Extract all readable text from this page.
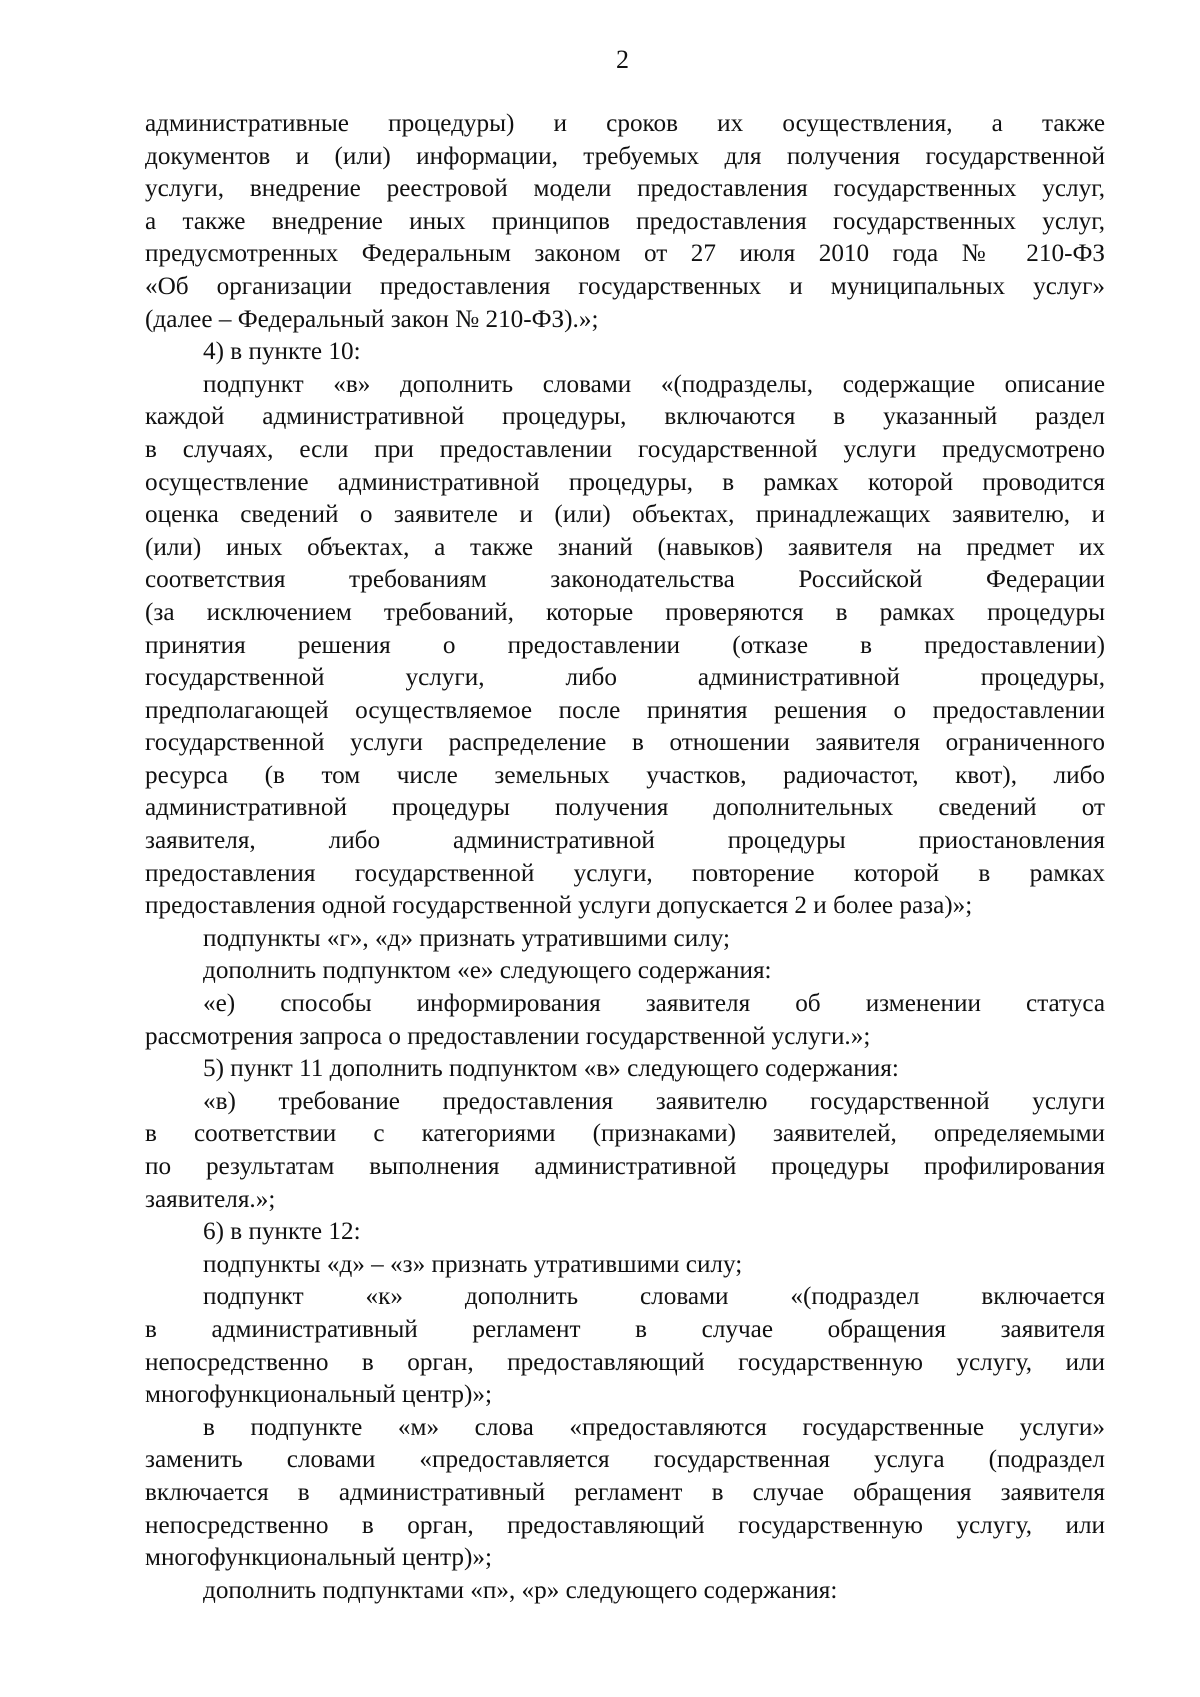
2
административные процедуры) и сроков их осуществления, а также
документов и (или) информации, требуемых для получения государственной
услуги, внедрение реестровой модели предоставления государственных услуг,
а также внедрение иных принципов предоставления государственных услуг,
предусмотренных Федеральным законом от 27 июля 2010 года № 210-ФЗ
«Об организации предоставления государственных и муниципальных услуг»
(далее – Федеральный закон № 210-ФЗ).»;
4) в пункте 10:
подпункт «в» дополнить словами «(подразделы, содержащие описание
каждой административной процедуры, включаются в указанный раздел
в случаях, если при предоставлении государственной услуги предусмотрено
осуществление административной процедуры, в рамках которой проводится
оценка сведений о заявителе и (или) объектах, принадлежащих заявителю, и
(или) иных объектах, а также знаний (навыков) заявителя на предмет их
соответствия требованиям законодательства Российской Федерации
(за исключением требований, которые проверяются в рамках процедуры
принятия решения о предоставлении (отказе в предоставлении)
государственной услуги, либо административной процедуры,
предполагающей осуществляемое после принятия решения о предоставлении
государственной услуги распределение в отношении заявителя ограниченного
ресурса (в том числе земельных участков, радиочастот, квот), либо
административной процедуры получения дополнительных сведений от
заявителя, либо административной процедуры приостановления
предоставления государственной услуги, повторение которой в рамках
предоставления одной государственной услуги допускается 2 и более раза)»;
подпункты «г», «д» признать утратившими силу;
дополнить подпунктом «е» следующего содержания:
«е) способы информирования заявителя об изменении статуса
рассмотрения запроса о предоставлении государственной услуги.»;
5) пункт 11 дополнить подпунктом «в» следующего содержания:
«в) требование предоставления заявителю государственной услуги
в соответствии с категориями (признаками) заявителей, определяемыми
по результатам выполнения административной процедуры профилирования
заявителя.»;
6) в пункте 12:
подпункты «д» – «з» признать утратившими силу;
подпункт «к» дополнить словами «(подраздел включается
в административный регламент в случае обращения заявителя
непосредственно в орган, предоставляющий государственную услугу, или
многофункциональный центр)»;
в подпункте «м» слова «предоставляются государственные услуги»
заменить словами «предоставляется государственная услуга (подраздел
включается в административный регламент в случае обращения заявителя
непосредственно в орган, предоставляющий государственную услугу, или
многофункциональный центр)»;
дополнить подпунктами «п», «р» следующего содержания:
